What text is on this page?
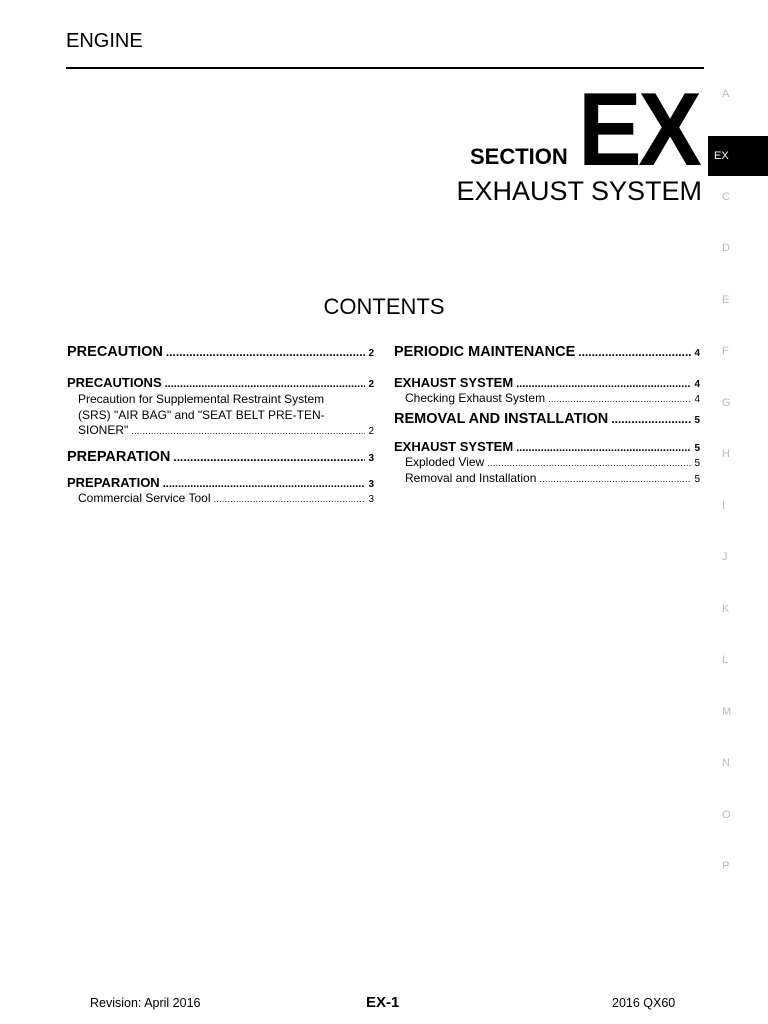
ENGINE
SECTION EX
EXHAUST SYSTEM
CONTENTS
PRECAUTION .....	2
PRECAUTIONS .....	2
Precaution for Supplemental Restraint System
(SRS) "AIR BAG" and "SEAT BELT PRE-TEN-
SIONER" .....	2
PREPARATION .....	3
PREPARATION .....	3
Commercial Service Tool .....	3
PERIODIC MAINTENANCE .....	4
EXHAUST SYSTEM .....	4
Checking Exhaust System .....	4
REMOVAL AND INSTALLATION .....	5
EXHAUST SYSTEM .....	5
Exploded View .....	5
Removal and Installation .....	5
A
EX
C
D
E
F
G
H
I
J
K
L
M
N
O
P
Revision: April 2016	EX-1	2016 QX60
